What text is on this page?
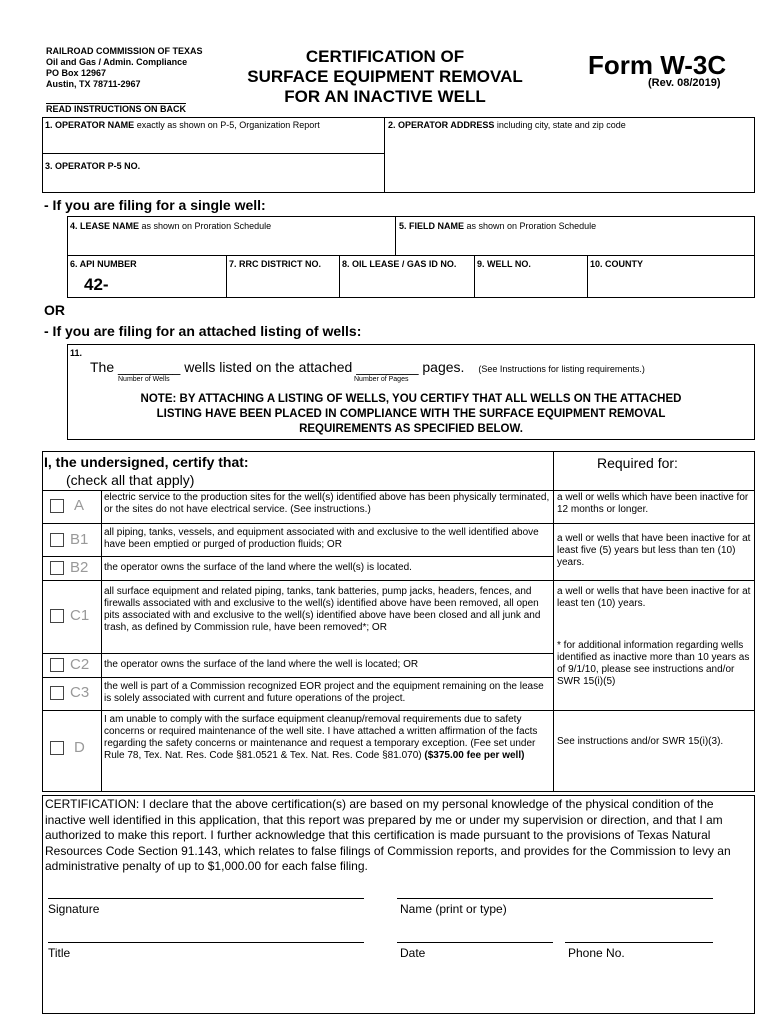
RAILROAD COMMISSION OF TEXAS
Oil and Gas / Admin. Compliance
PO Box 12967
Austin, TX 78711-2967
READ INSTRUCTIONS ON BACK
CERTIFICATION OF
SURFACE EQUIPMENT REMOVAL
FOR AN INACTIVE WELL
Form W-3C
(Rev. 08/2019)
1. OPERATOR NAME exactly as shown on P-5, Organization Report	2. OPERATOR ADDRESS including city, state and zip code
3. OPERATOR P-5 NO.
- If you are filing for a single well:
4. LEASE NAME as shown on Proration Schedule	5. FIELD NAME as shown on Proration Schedule
6. API NUMBER
42-
7. RRC DISTRICT NO. 8. OIL LEASE / GAS ID NO. 9. WELL NO.	10. COUNTY
OR
- If you are filing for an attached listing of wells:
11.
The ________ wells listed on the attached ________ pages. (See Instructions for listing requirements.)
Number of Wells	Number of Pages
NOTE: BY ATTACHING A LISTING OF WELLS, YOU CERTIFY THAT ALL WELLS ON THE ATTACHED
LISTING HAVE BEEN PLACED IN COMPLIANCE WITH THE SURFACE EQUIPMENT REMOVAL
REQUIREMENTS AS SPECIFIED BELOW.
I, the undersigned, certify that:
(check all that apply)
Required for:
A electric service to the production sites for the well(s) identified above has been physically terminated, or the sites do not have electrical service. (See instructions.)
a well or wells which have been inactive for 12 months or longer.
B1 all piping, tanks, vessels, and equipment associated with and exclusive to the well identified above have been emptied or purged of production fluids; OR
B2 the operator owns the surface of the land where the well(s) is located.
a well or wells that have been inactive for at least five (5) years but less than ten (10) years.
C1
all surface equipment and related piping, tanks, tank batteries, pump jacks, headers, fences, and firewalls associated with and exclusive to the well(s) identified above have been removed, all open pits associated with and exclusive to the well(s) identified above have been closed and all junk and trash, as defined by Commission rule, have been removed*; OR
C2 the operator owns the surface of the land where the well is located; OR
C3 the well is part of a Commission recognized EOR project and the equipment remaining on the lease is solely associated with current and future operations of the project.
a well or wells that have been inactive for at least ten (10) years.
* for additional information regarding wells identified as inactive more than 10 years as of 9/1/10, please see instructions and/or SWR 15(i)(5)
D
I am unable to comply with the surface equipment cleanup/removal requirements due to safety concerns or required maintenance of the well site. I have attached a written affirmation of the facts regarding the safety concerns or maintenance and request a temporary exception. (Fee set under Rule 78, Tex. Nat. Res. Code §81.0521 & Tex. Nat. Res. Code §81.070) ($375.00 fee per well)
See instructions and/or SWR 15(i)(3).
CERTIFICATION: I declare that the above certification(s) are based on my personal knowledge of the physical condition of the inactive well identified in this application, that this report was prepared by me or under my supervision or direction, and that I am authorized to make this report. I further acknowledge that this certification is made pursuant to the provisions of Texas Natural Resources Code Section 91.143, which relates to false filings of Commission reports, and provides for the Commission to levy an administrative penalty of up to $1,000.00 for each false filing.
Signature	Name (print or type)
Title	Date	Phone No.
